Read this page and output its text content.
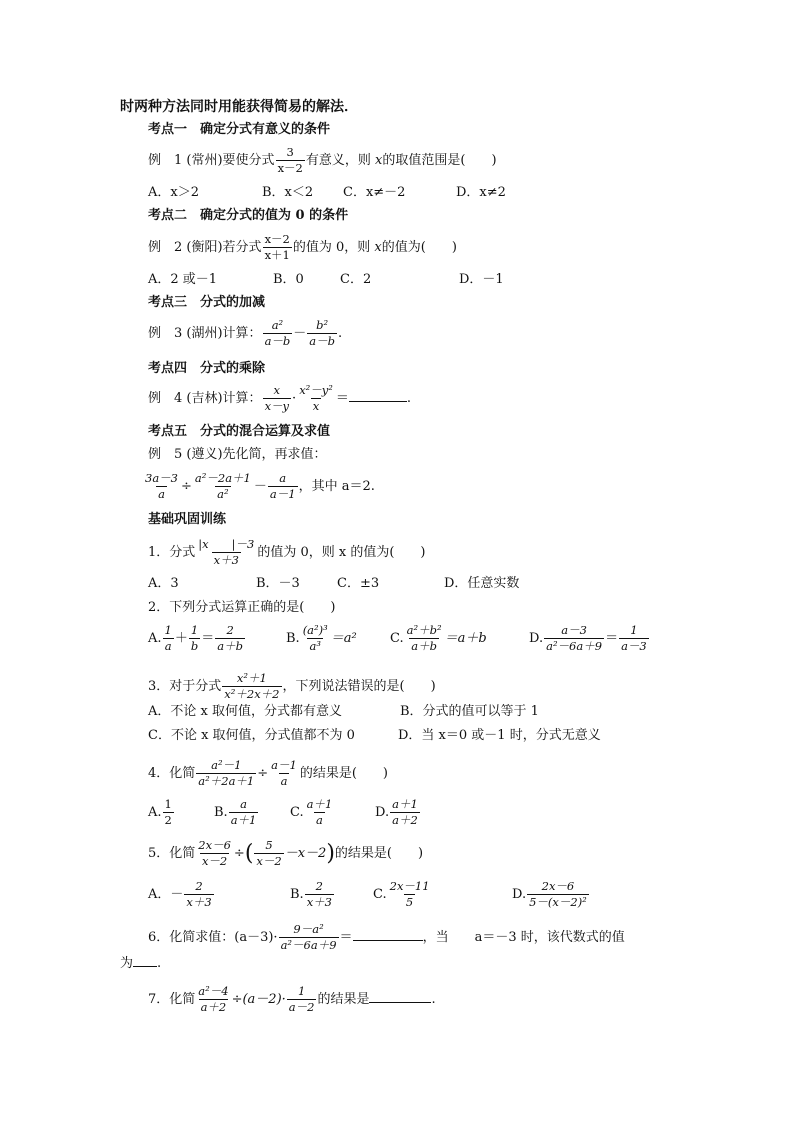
时两种方法同时用能获得简易的解法．
考点一　确定分式有意义的条件
例　1 (常州)要使分式 $\frac{3}{x-2}$ 有意义，则 x的取值范围是(　　)
A．x＞2	B．x＜2 C．x≠－2	D．x≠2
考点二　确定分式的值为 0 的条件
例　2 (衡阳)若分式 $\frac{x-2}{x+1}$ 的值为 0，则 x的值为(　　)
A．2 或－1	B．0	C．2	D．－1
考点三　分式的加减
例　3 (湖州)计算： $\frac{\text{a²}}{a-b} - \frac{\text{b²}}{a-b}$ .
考点四　分式的乘除
例　4 (吉林)计算： $\frac{x}{x-y} \cdot \frac{\text{x²－y²}}{x}$ ＝	.
考点五　分式的混合运算及求值
例　5 (遵义)先化简，再求值：
$\frac{3a-3}{a} \div \frac{\text{a²－2a＋1}}{\text{a²}} - \frac{a}{a-1}$ ，其中 a＝2.
基础巩固训练
1．分式 $\frac{|x |-3}{x+3}$ 的值为 0，则 x 的值为(　　)
A．3	B．－3	C．±3	D．任意实数
2．下列分式运算正确的是(　　)
A. $\frac{1}{a} + \frac{1}{b} = \frac{2}{a+b}$	B. $\frac{\text{(a²)³}}{\text{a³}} =a^2$	C. $\frac{\text{a²＋b²}}{a+b} =a+b$	D. $\frac{a-3}{\text{a²－6a＋9}} = \frac{1}{a-3}$
3．对于分式 $\frac{\text{x²＋1}}{\text{x²＋2x＋2}}$ ，下列说法错误的是(　　)
A．不论 x 取何值，分式都有意义	B．分式的值可以等于 1
C．不论 x 取何值，分式值都不为 0	D．当 x＝0 或－1 时，分式无意义
4．化简 $\frac{\text{a²－1}}{\text{a²＋2a＋1}} \div \frac{a-1}{a}$ 的结果是(　　)
A. $\frac{1}{2}$	B. $\frac{a}{a+1} C$. $\frac{a+1}{a}$	D. $\frac{a+1}{a+2}$
5．化简 $\frac{2x-6}{x-2}$ ÷( $\frac{5}{x-2} -x-2$)的结果是(　　)
A．－ $\frac{2}{x+3}$	B. $\frac{2}{x+3}$	C. $\frac{2x-11}{5}$	D. $\frac{2x-6}{\text{5－(x－2)²}}$
6．化简求值：$(a-3)\cdot \frac{\text{9－a²}}{\text{a²－6a＋9}}$ ＝	，当　　a＝－3 时，该代数式的值
为 .
7．化简 $\frac{\text{a²－4}}{a+2} \div(a-2)\cdot \frac{1}{a-2}$ 的结果是	.
